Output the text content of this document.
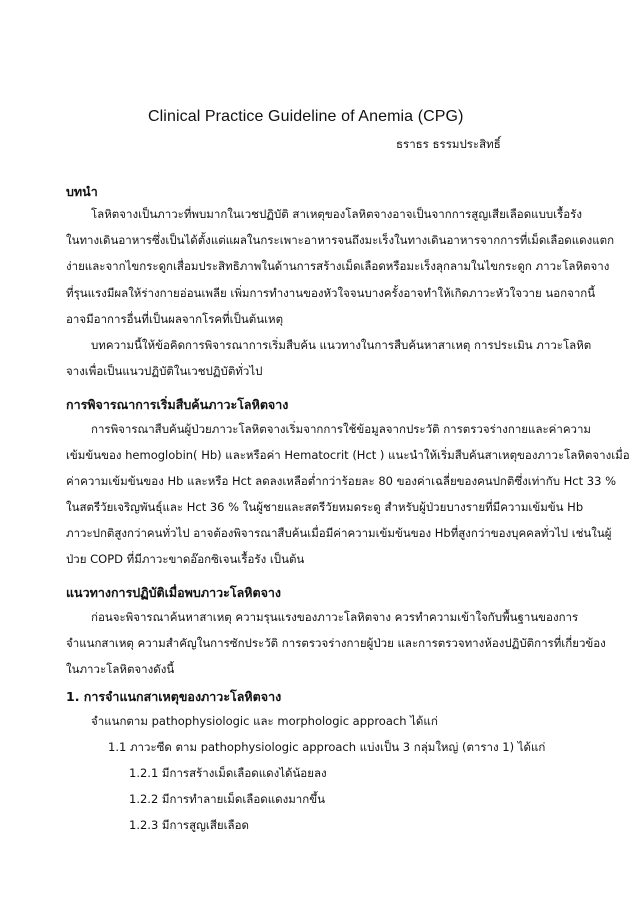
Clinical Practice Guideline of Anemia (CPG)
ธราธร ธรรมประสิทธิ์
บทนำ
โลหิตจางเป็นภาวะที่พบมากในเวชปฏิบัติ สาเหตุของโลหิตจางอาจเป็นจากการสูญเสียเลือดแบบเรื้อรัง
ในทางเดินอาหารซึ่งเป็นได้ตั้งแต่แผลในกระเพาะอาหารจนถึงมะเร็งในทางเดินอาหารจากการที่เม็ดเลือดแดงแตก
ง่ายและจากไขกระดูกเสื่อมประสิทธิภาพในด้านการสร้างเม็ดเลือดหรือมะเร็งลุกลามในไขกระดูก ภาวะโลหิตจาง
ที่รุนแรงมีผลให้ร่างกายอ่อนเพลีย เพิ่มการทำงานของหัวใจจนบางครั้งอาจทำให้เกิดภาวะหัวใจวาย นอกจากนี้
อาจมีอาการอื่นที่เป็นผลจากโรคที่เป็นต้นเหตุ
บทความนี้ให้ข้อคิดการพิจารณาการเริ่มสืบค้น แนวทางในการสืบค้นหาสาเหตุ การประเมิน ภาวะโลหิต
จางเพื่อเป็นแนวปฏิบัติในเวชปฏิบัติทั่วไป
การพิจารณาการเริ่มสืบค้นภาวะโลหิตจาง
การพิจารณาสืบค้นผู้ป่วยภาวะโลหิตจางเริ่มจากการใช้ข้อมูลจากประวัติ การตรวจร่างกายและค่าความ
เข้มข้นของ hemoglobin( Hb) และหรือค่า Hematocrit (Hct ) แนะนำให้เริ่มสืบค้นสาเหตุของภาวะโลหิตจางเมื่อ
ค่าความเข้มข้นของ Hb และหรือ Hct ลดลงเหลือต่ำกว่าร้อยละ 80 ของค่าเฉลี่ยของคนปกติซึ่งเท่ากับ Hct 33 %
ในสตรีวัยเจริญพันธุ์และ Hct 36 % ในผู้ชายและสตรีวัยหมดระดู สำหรับผู้ป่วยบางรายที่มีความเข้มข้น Hb
ภาวะปกติสูงกว่าคนทั่วไป อาจต้องพิจารณาสืบค้นเมื่อมีค่าความเข้มข้นของ Hbที่สูงกว่าของบุคคลทั่วไป เช่นในผู้
ป่วย COPD ที่มีภาวะขาดอ๊อกซิเจนเรื้อรัง เป็นต้น
แนวทางการปฏิบัติเมื่อพบภาวะโลหิตจาง
ก่อนจะพิจารณาค้นหาสาเหตุ ความรุนแรงของภาวะโลหิตจาง ควรทำความเข้าใจกับพื้นฐานของการ
จำแนกสาเหตุ ความสำคัญในการซักประวัติ การตรวจร่างกายผู้ป่วย และการตรวจทางห้องปฏิบัติการที่เกี่ยวข้อง
ในภาวะโลหิตจางดังนี้
1. การจำแนกสาเหตุของภาวะโลหิตจาง
จำแนกตาม pathophysiologic และ morphologic approach ได้แก่
1.1 ภาวะซีด ตาม pathophysiologic approach แบ่งเป็น 3 กลุ่มใหญ่ (ตาราง 1) ได้แก่
1.2.1 มีการสร้างเม็ดเลือดแดงได้น้อยลง
1.2.2 มีการทำลายเม็ดเลือดแดงมากขึ้น
1.2.3 มีการสูญเสียเลือด
